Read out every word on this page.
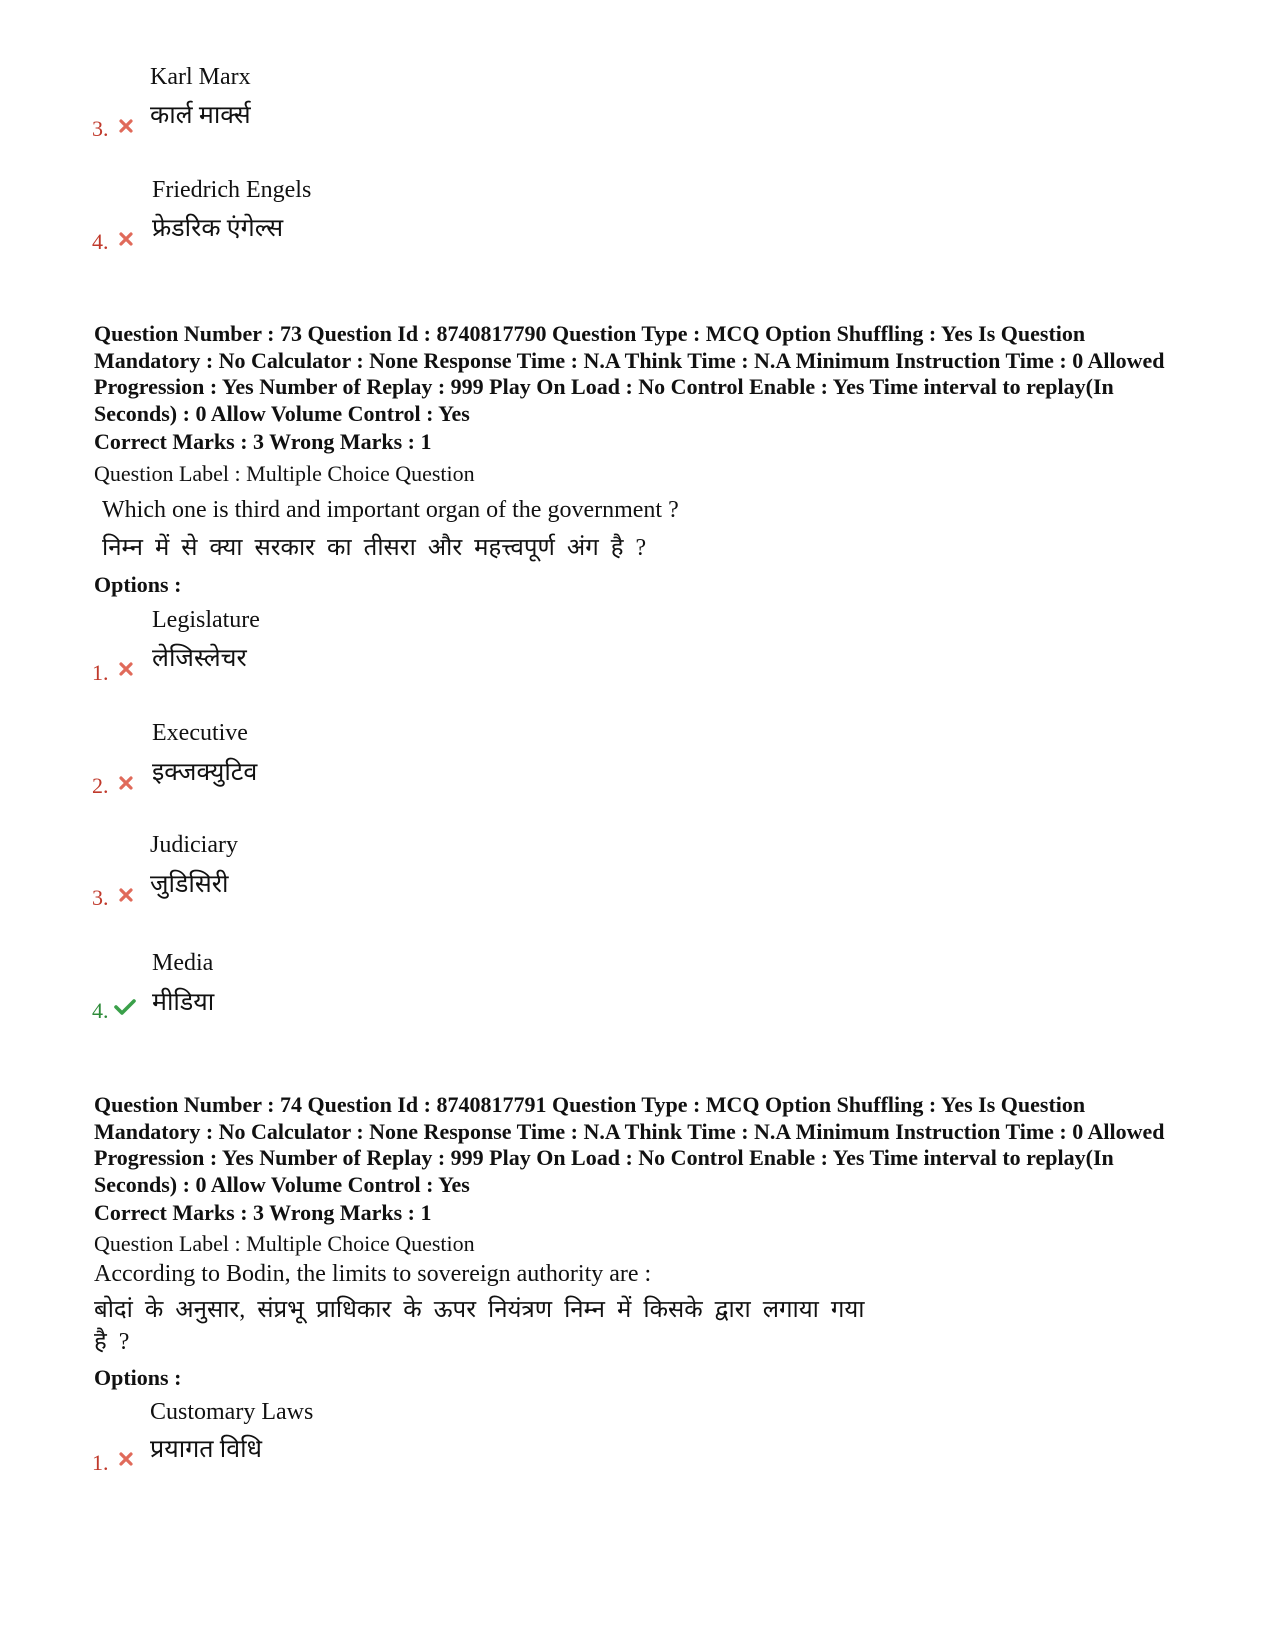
Karl Marx
कार्ल मार्क्स
3.
Friedrich Engels
फ्रेडरिक एंगेल्स
4.
Question Number : 73 Question Id : 8740817790 Question Type : MCQ Option Shuffling : Yes Is Question Mandatory : No Calculator : None Response Time : N.A Think Time : N.A Minimum Instruction Time : 0 Allowed Progression : Yes Number of Replay : 999 Play On Load : No Control Enable : Yes Time interval to replay(In Seconds) : 0 Allow Volume Control : Yes
Correct Marks : 3 Wrong Marks : 1
Question Label : Multiple Choice Question
Which one is third and important organ of the government ?
निम्न में से क्या सरकार का तीसरा और महत्त्वपूर्ण अंग है ?
Options :
Legislature
लेजिस्लेचर
1.
Executive
इक्जक्युटिव
2.
Judiciary
जुडिसिरी
3.
Media
मीडिया
4.
Question Number : 74 Question Id : 8740817791 Question Type : MCQ Option Shuffling : Yes Is Question Mandatory : No Calculator : None Response Time : N.A Think Time : N.A Minimum Instruction Time : 0 Allowed Progression : Yes Number of Replay : 999 Play On Load : No Control Enable : Yes Time interval to replay(In Seconds) : 0 Allow Volume Control : Yes
Correct Marks : 3 Wrong Marks : 1
Question Label : Multiple Choice Question
According to Bodin, the limits to sovereign authority are :
बोदां के अनुसार, संप्रभू प्राधिकार के ऊपर नियंत्रण निम्न में किसके द्वारा लगाया गया
है ?
Options :
Customary Laws
प्रयागत विधि
1.
